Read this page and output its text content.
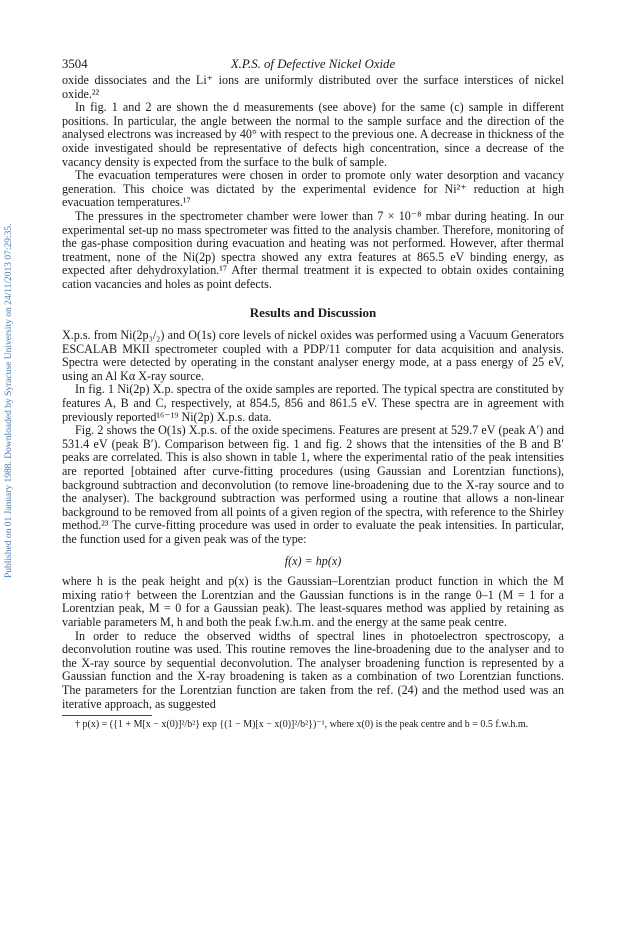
Published on 01 January 1988. Downloaded by Syracuse University on 24/11/2013 07:29:35.
3504	X.P.S. of Defective Nickel Oxide

oxide dissociates and the Li⁺ ions are uniformly distributed over the surface interstices of nickel oxide.²²

In fig. 1 and 2 are shown the d measurements (see above) for the same (c) sample in different positions. In particular, the angle between the normal to the sample surface and the direction of the analysed electrons was increased by 40° with respect to the previous one. A decrease in thickness of the oxide investigated should be representative of defects high concentration, since a decrease of the vacancy density is expected from the surface to the bulk of sample.

The evacuation temperatures were chosen in order to promote only water desorption and vacancy generation. This choice was dictated by the experimental evidence for Ni²⁺ reduction at high evacuation temperatures.¹⁷

The pressures in the spectrometer chamber were lower than 7 × 10⁻⁸ mbar during heating. In our experimental set-up no mass spectrometer was fitted to the analysis chamber. Therefore, monitoring of the gas-phase composition during evacuation and heating was not performed. However, after thermal treatment, none of the Ni(2p) spectra showed any extra features at 865.5 eV binding energy, as expected after dehydroxylation.¹⁷ After thermal treatment it is expected to obtain oxides containing cation vacancies and holes as point defects.

Results and Discussion

X.p.s. from Ni(2p₃/₂) and O(1s) core levels of nickel oxides was performed using a Vacuum Generators ESCALAB MKII spectrometer coupled with a PDP/11 computer for data acquisition and analysis. Spectra were detected by operating in the constant analyser energy mode, at a pass energy of 25 eV, using an Al Kα X-ray source.

In fig. 1 Ni(2p) X.p. spectra of the oxide samples are reported. The typical spectra are constituted by features A, B and C, respectively, at 854.5, 856 and 861.5 eV. These spectra are in agreement with previously reported¹⁶⁻¹⁹ Ni(2p) X.p.s. data.

Fig. 2 shows the O(1s) X.p.s. of the oxide specimens. Features are present at 529.7 eV (peak A′) and 531.4 eV (peak B′). Comparison between fig. 1 and fig. 2 shows that the intensities of the B and B′ peaks are correlated. This is also shown in table 1, where the experimental ratio of the peak intensities are reported [obtained after curve-fitting procedures (using Gaussian and Lorentzian functions), background subtraction and deconvolution (to remove line-broadening due to the X-ray source and to the analyser). The background subtraction was performed using a routine that allows a non-linear background to be removed from all points of a given region of the spectra, with reference to the Shirley method.²³ The curve-fitting procedure was used in order to evaluate the peak intensities. In particular, the function used for a given peak was of the type:

f(x) = hp(x)

where h is the peak height and p(x) is the Gaussian–Lorentzian product function in which the M mixing ratio† between the Lorentzian and the Gaussian functions is in the range 0–1 (M = 1 for a Lorentzian peak, M = 0 for a Gaussian peak). The least-squares method was applied by retaining as variable parameters M, h and both the peak f.w.h.m. and the energy at the same peak centre.

In order to reduce the observed widths of spectral lines in photoelectron spectroscopy, a deconvolution routine was used. This routine removes the line-broadening due to the analyser and to the X-ray source by sequential deconvolution. The analyser broadening function is represented by a Gaussian function and the X-ray broadening is taken as a combination of two Lorentzian functions. The parameters for the Lorentzian function are taken from the ref. (24) and the method used was an iterative approach, as suggested

† p(x) = ({1 + M[x − x(0)]²/b²} exp {(1 − M)[x − x(0)]²/b²})⁻¹, where x(0) is the peak centre and b = 0.5 f.w.h.m.
